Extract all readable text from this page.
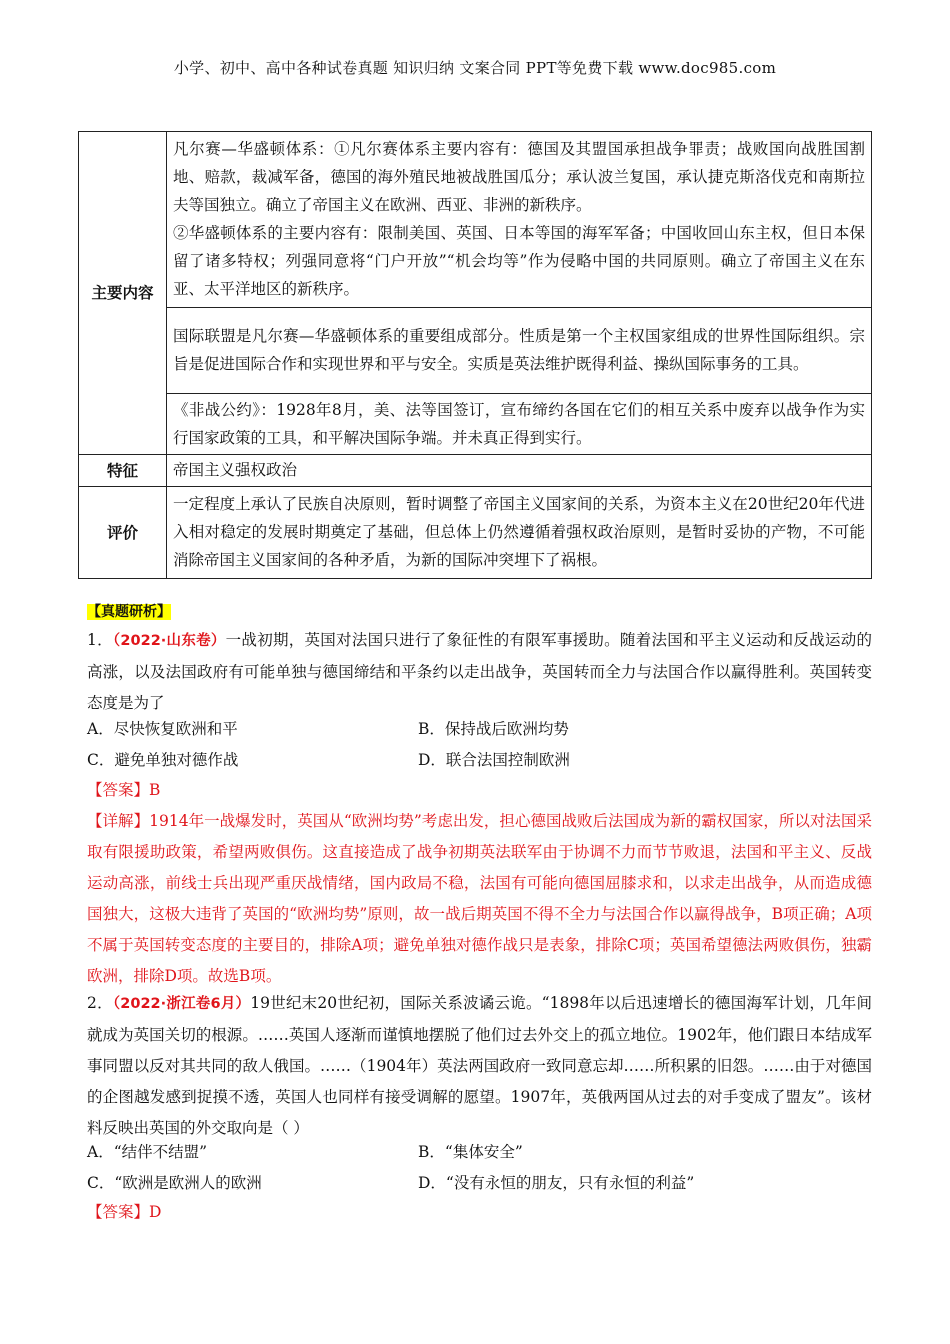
小学、初中、高中各种试卷真题 知识归纳 文案合同 PPT等免费下载 www.doc985.com
主要内容	凡尔赛—华盛顿体系：①凡尔赛体系主要内容有：德国及其盟国承担战争罪责；战败国向战胜国割地、赔款，裁减军备，德国的海外殖民地被战胜国瓜分；承认波兰复国，承认捷克斯洛伐克和南斯拉夫等国独立。确立了帝国主义在欧洲、西亚、非洲的新秩序。
②华盛顿体系的主要内容有：限制美国、英国、日本等国的海军军备；中国收回山东主权，但日本保留了诸多特权；列强同意将“门户开放”“机会均等”作为侵略中国的共同原则。确立了帝国主义在东亚、太平洋地区的新秩序。
	国际联盟是凡尔赛—华盛顿体系的重要组成部分。性质是第一个主权国家组成的世界性国际组织。宗旨是促进国际合作和实现世界和平与安全。实质是英法维护既得利益、操纵国际事务的工具。
	《非战公约》：1928年8月，美、法等国签订，宣布缔约各国在它们的相互关系中废弃以战争作为实行国家政策的工具，和平解决国际争端。并未真正得到实行。
特征	帝国主义强权政治
评价	一定程度上承认了民族自决原则，暂时调整了帝国主义国家间的关系，为资本主义在20世纪20年代进入相对稳定的发展时期奠定了基础，但总体上仍然遵循着强权政治原则，是暂时妥协的产物，不可能消除帝国主义国家间的各种矛盾，为新的国际冲突埋下了祸根。
【真题研析】
1．（2022·山东卷）一战初期，英国对法国只进行了象征性的有限军事援助。随着法国和平主义运动和反战运动的高涨，以及法国政府有可能单独与德国缔结和平条约以走出战争，英国转而全力与法国合作以赢得胜利。英国转变态度是为了
A．尽快恢复欧洲和平	B．保持战后欧洲均势
C．避免单独对德作战	D．联合法国控制欧洲
【答案】B
【详解】1914年一战爆发时，英国从“欧洲均势”考虑出发，担心德国战败后法国成为新的霸权国家，所以对法国采取有限援助政策，希望两败俱伤。这直接造成了战争初期英法联军由于协调不力而节节败退，法国和平主义、反战运动高涨，前线士兵出现严重厌战情绪，国内政局不稳，法国有可能向德国屈膝求和，以求走出战争，从而造成德国独大，这极大违背了英国的“欧洲均势”原则，故一战后期英国不得不全力与法国合作以赢得战争，B项正确；A项不属于英国转变态度的主要目的，排除A项；避免单独对德作战只是表象，排除C项；英国希望德法两败俱伤，独霸欧洲，排除D项。故选B项。
2．（2022·浙江卷6月）19世纪末20世纪初，国际关系波谲云诡。“1898年以后迅速增长的德国海军计划，几年间就成为英国关切的根源。……英国人逐渐而谨慎地摆脱了他们过去外交上的孤立地位。1902年，他们跟日本结成军事同盟以反对其共同的敌人俄国。……（1904年）英法两国政府一致同意忘却……所积累的旧怨。……由于对德国的企图越发感到捉摸不透，英国人也同样有接受调解的愿望。1907年，英俄两国从过去的对手变成了盟友”。该材料反映出英国的外交取向是（ ）
A．“结伴不结盟”	B．“集体安全”
C．“欧洲是欧洲人的欧洲	D．“没有永恒的朋友，只有永恒的利益”
【答案】D
